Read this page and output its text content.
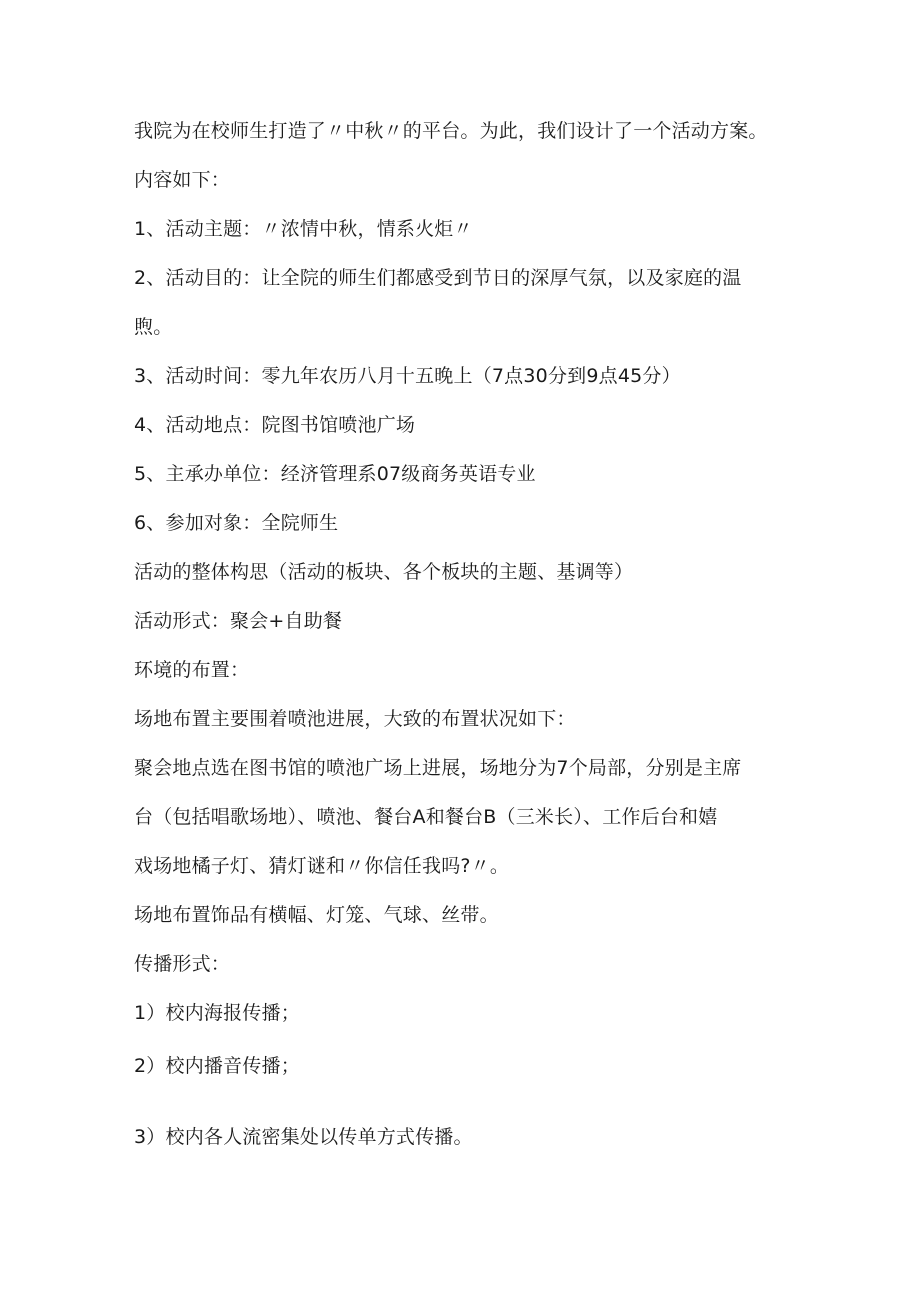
我院为在校师生打造了〃中秋〃的平台。为此，我们设计了一个活动方案。
内容如下：
1、活动主题：〃浓情中秋，情系火炬〃
2、活动目的：让全院的师生们都感受到节日的深厚气氛，以及家庭的温
煦。
3、活动时间：零九年农历八月十五晚上（7点30分到9点45分）
4、活动地点：院图书馆喷池广场
5、主承办单位：经济管理系07级商务英语专业
6、参加对象：全院师生
活动的整体构思（活动的板块、各个板块的主题、基调等）
活动形式：聚会+自助餐
环境的布置：
场地布置主要围着喷池进展，大致的布置状况如下：
聚会地点选在图书馆的喷池广场上进展，场地分为7个局部，分别是主席
台（包括唱歌场地）、喷池、餐台A和餐台B（三米长）、工作后台和嬉
戏场地橘子灯、猜灯谜和〃你信任我吗?〃。
场地布置饰品有横幅、灯笼、气球、丝带。
传播形式：
1）校内海报传播；
2）校内播音传播；
3）校内各人流密集处以传单方式传播。
